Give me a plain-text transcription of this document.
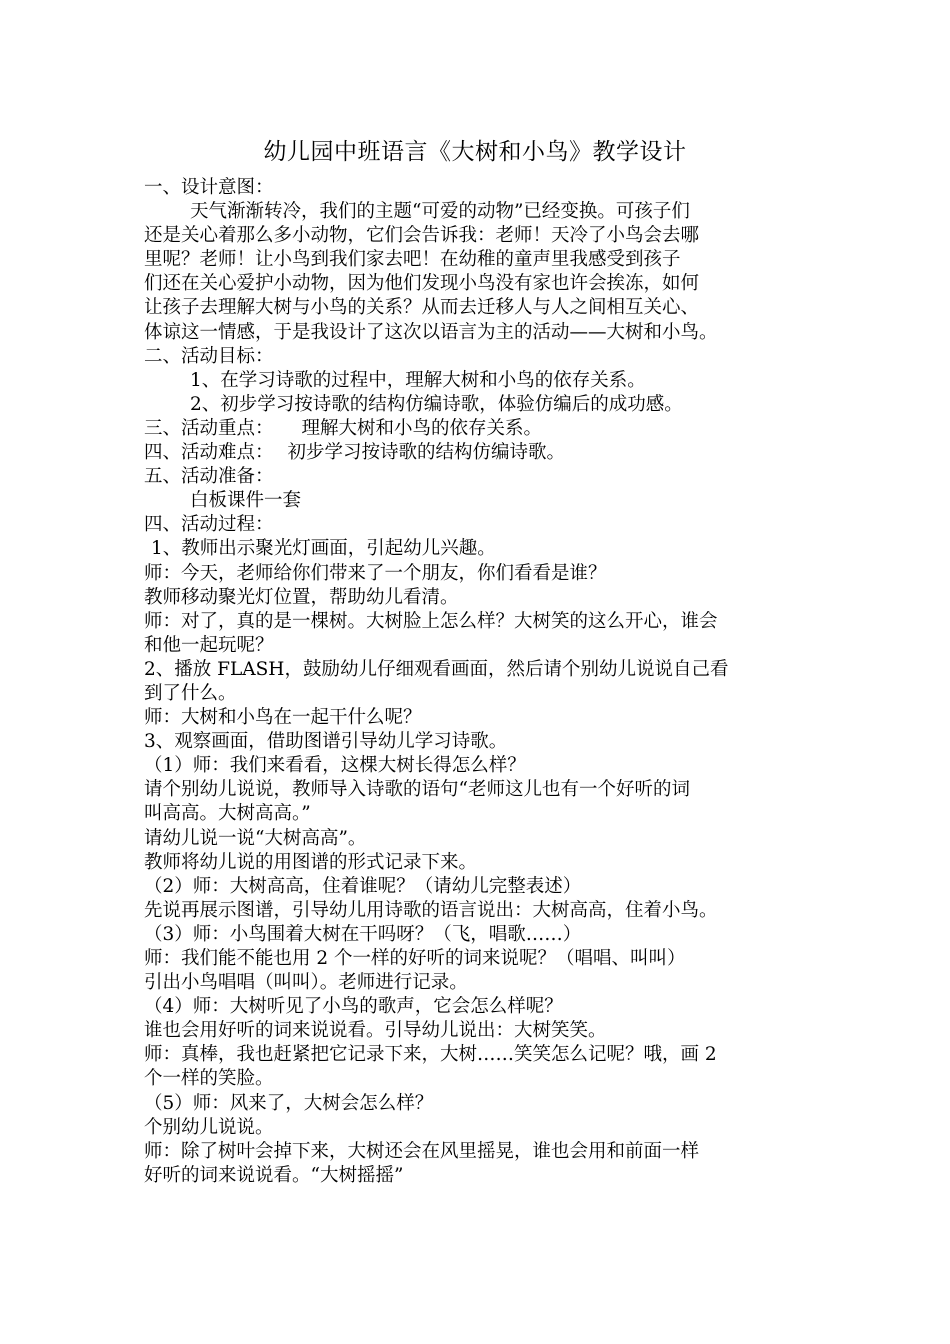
幼儿园中班语言《大树和小鸟》教学设计
一、设计意图：
天气渐渐转冷，我们的主题“可爱的动物”已经变换。可孩子们
还是关心着那么多小动物，它们会告诉我：老师！天冷了小鸟会去哪
里呢？老师！让小鸟到我们家去吧！在幼稚的童声里我感受到孩子
们还在关心爱护小动物，因为他们发现小鸟没有家也许会挨冻，如何
让孩子去理解大树与小鸟的关系？从而去迁移人与人之间相互关心、
体谅这一情感，于是我设计了这次以语言为主的活动——大树和小鸟。
二、活动目标：
1、在学习诗歌的过程中，理解大树和小鸟的依存关系。
2、初步学习按诗歌的结构仿编诗歌，体验仿编后的成功感。
三、活动重点： 理解大树和小鸟的依存关系。
四、活动难点： 初步学习按诗歌的结构仿编诗歌。
五、活动准备：
白板课件一套
四、活动过程：
1、教师出示聚光灯画面，引起幼儿兴趣。
师：今天，老师给你们带来了一个朋友，你们看看是谁？
教师移动聚光灯位置，帮助幼儿看清。
师：对了，真的是一棵树。大树脸上怎么样？大树笑的这么开心，谁会
和他一起玩呢？
2、播放 FLASH，鼓励幼儿仔细观看画面，然后请个别幼儿说说自己看
到了什么。
师：大树和小鸟在一起干什么呢？
3、观察画面，借助图谱引导幼儿学习诗歌。
（1）师：我们来看看，这棵大树长得怎么样？
请个别幼儿说说，教师导入诗歌的语句“老师这儿也有一个好听的词
叫高高。大树高高。”
请幼儿说一说“大树高高”。
教师将幼儿说的用图谱的形式记录下来。
（2）师：大树高高，住着谁呢？（请幼儿完整表述）
先说再展示图谱，引导幼儿用诗歌的语言说出：大树高高，住着小鸟。
（3）师：小鸟围着大树在干吗呀？（飞，唱歌……）
师：我们能不能也用 2 个一样的好听的词来说呢？（唱唱、叫叫）
引出小鸟唱唱（叫叫）。老师进行记录。
（4）师：大树听见了小鸟的歌声，它会怎么样呢？
谁也会用好听的词来说说看。引导幼儿说出：大树笑笑。
师：真棒，我也赶紧把它记录下来，大树……笑笑怎么记呢？哦，画 2
个一样的笑脸。
（5）师：风来了，大树会怎么样？
个别幼儿说说。
师：除了树叶会掉下来，大树还会在风里摇晃，谁也会用和前面一样
好听的词来说说看。“大树摇摇”
